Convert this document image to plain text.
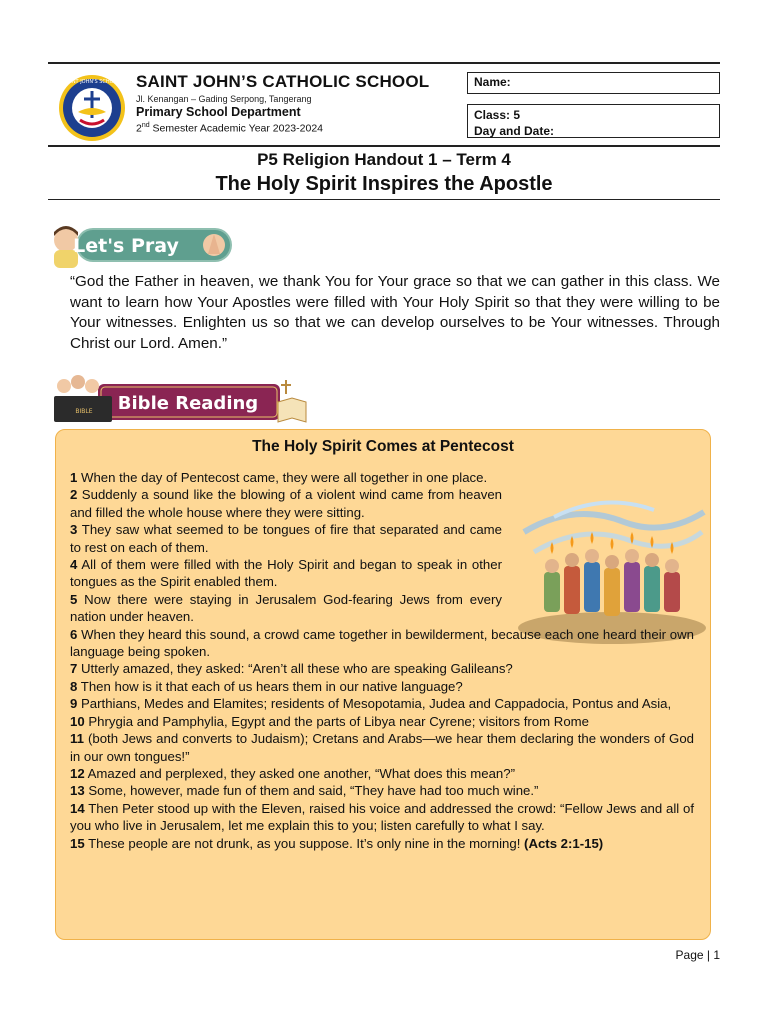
SAINT JOHN'S SCHOOL SAINT JOHN’S CATHOLIC SCHOOL
Jl. Kenangan – Gading Serpong, Tangerang
Primary School Department
2nd Semester Academic Year 2023-2024
Name:
Class: 5
Day and Date:
P5 Religion Handout 1 – Term 4
The Holy Spirit Inspires the Apostle
Let's Pray
“God the Father in heaven, we thank You for Your grace so that we can gather in this class. We want to learn how Your Apostles were filled with Your Holy Spirit so that they were willing to be Your witnesses. Enlighten us so that we can develop ourselves to be Your witnesses. Through Christ our Lord. Amen.”
BIBLE Bible Reading
The Holy Spirit Comes at Pentecost
1 When the day of Pentecost came, they were all together in one place.
2 Suddenly a sound like the blowing of a violent wind came from heaven and filled the whole house where they were sitting.
3 They saw what seemed to be tongues of fire that separated and came to rest on each of them.
4 All of them were filled with the Holy Spirit and began to speak in other tongues as the Spirit enabled them.
5 Now there were staying in Jerusalem God-fearing Jews from every nation under heaven.
6 When they heard this sound, a crowd came together in bewilderment, because each one heard their own language being spoken.
7 Utterly amazed, they asked: “Aren’t all these who are speaking Galileans?
8 Then how is it that each of us hears them in our native language?
9 Parthians, Medes and Elamites; residents of Mesopotamia, Judea and Cappadocia, Pontus and Asia,
10 Phrygia and Pamphylia, Egypt and the parts of Libya near Cyrene; visitors from Rome
11 (both Jews and converts to Judaism); Cretans and Arabs—we hear them declaring the wonders of God in our own tongues!”
12 Amazed and perplexed, they asked one another, “What does this mean?”
13 Some, however, made fun of them and said, “They have had too much wine.”
14 Then Peter stood up with the Eleven, raised his voice and addressed the crowd: “Fellow Jews and all of you who live in Jerusalem, let me explain this to you; listen carefully to what I say.
15 These people are not drunk, as you suppose. It’s only nine in the morning! (Acts 2:1-15)
Page | 1
